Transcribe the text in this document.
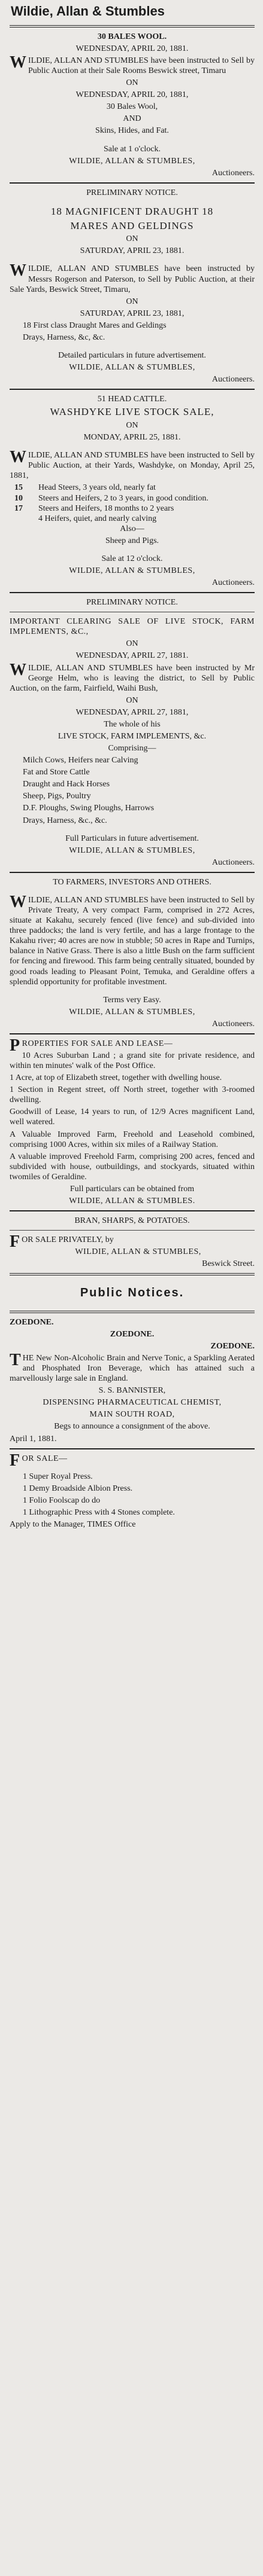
Wildie, Allan & Stumbles

30 BALES WOOL.

WEDNESDAY, APRIL 20, 1881.

WILDIE, ALLAN AND STUMBLES have been instructed to Sell by Public Auction at their Sale Rooms Beswick street, Timaru

ON

WEDNESDAY, APRIL 20, 1881,

30 Bales Wool,

AND

Skins, Hides, and Fat.

Sale at 1 o'clock.

WILDIE, ALLAN & STUMBLES,

Auctioneers.

PRELIMINARY NOTICE.

18 MAGNIFICENT DRAUGHT 18

MARES AND GELDINGS

ON

SATURDAY, APRIL 23, 1881.

WILDIE, ALLAN AND STUMBLES have been instructed by Messrs Rogerson and Paterson, to Sell by Public Auction, at their Sale Yards, Beswick Street, Timaru,

ON

SATURDAY, APRIL 23, 1881,

18 First class Draught Mares and Geldings

Drays, Harness, &c, &c.

Detailed particulars in future advertisement.

WILDIE, ALLAN & STUMBLES,

Auctioneers.

51 HEAD CATTLE.

WASHDYKE LIVE STOCK SALE,

ON

MONDAY, APRIL 25, 1881.

WILDIE, ALLAN AND STUMBLES have been instructed to Sell by Public Auction, at their Yards, Washdyke, on Monday, April 25, 1881,

15	Head Steers, 3 years old, nearly fat
10	Steers and Heifers, 2 to 3 years, in good condition.
17	Steers and Heifers, 18 months to 2 years
4 Heifers, quiet, and nearly calving

Also—

Sheep and Pigs.

Sale at 12 o'clock.

WILDIE, ALLAN & STUMBLES,

Auctioneers.

PRELIMINARY NOTICE.

IMPORTANT CLEARING SALE OF LIVE STOCK, FARM IMPLEMENTS, &C.,

ON

WEDNESDAY, APRIL 27, 1881.

WILDIE, ALLAN AND STUMBLES have been instructed by Mr George Helm, who is leaving the district, to Sell by Public Auction, on the farm, Fairfield, Waihi Bush,

ON

WEDNESDAY, APRIL 27, 1881,

The whole of his

LIVE STOCK, FARM IMPLEMENTS, &c.

Comprising—

Milch Cows, Heifers near Calving

Fat and Store Cattle

Draught and Hack Horses

Sheep, Pigs, Poultry

D.F. Ploughs, Swing Ploughs, Harrows

Drays, Harness, &c., &c.

Full Particulars in future advertisement.

WILDIE, ALLAN & STUMBLES,

Auctioneers.

TO FARMERS, INVESTORS AND OTHERS.

WILDIE, ALLAN AND STUMBLES have been instructed to Sell by Private Treaty, A very compact Farm, comprised in 272 Acres, situate at Kakahu, securely fenced (live fence) and sub-divided into three paddocks; the land is very fertile, and has a large frontage to the Kakahu river; 40 acres are now in stubble; 50 acres in Rape and Turnips, balance in Native Grass. There is also a little Bush on the farm sufficient for fencing and firewood. This farm being centrally situated, bounded by good roads leading to Pleasant Point, Temuka, and Geraldine offers a splendid opportunity for profitable investment.

Terms very Easy.

WILDIE, ALLAN & STUMBLES,

Auctioneers.

PROPERTIES FOR SALE AND LEASE—

10 Acres Suburban Land ; a grand site for private residence, and within ten minutes' walk of the Post Office.

1 Acre, at top of Elizabeth street, together with dwelling house.

1 Section in Regent street, off North street, together with 3-roomed dwelling.

Goodwill of Lease, 14 years to run, of 12/9 Acres magnificent Land, well watered.

A Valuable Improved Farm, Freehold and Leasehold combined, comprising 1000 Acres, within six miles of a Railway Station.

A valuable improved Freehold Farm, comprising 200 acres, fenced and subdivided with house, outbuildings, and stockyards, situated within twomiles of Geraldine.

Full particulars can be obtained from

WILDIE, ALLAN & STUMBLES.

BRAN, SHARPS, & POTATOES.

FOR SALE PRIVATELY, by

WILDIE, ALLAN & STUMBLES,

Beswick Street.

Public Notices.

ZOEDONE.

ZOEDONE.

ZOEDONE.

THE New Non-Alcoholic Brain and Nerve Tonic, a Sparkling Aerated and Phosphated Iron Beverage, which has attained such a marvellously large sale in England.

S. S. BANNISTER,

DISPENSING PHARMACEUTICAL CHEMIST,

MAIN SOUTH ROAD,

Begs to announce a consignment of the above.

April 1, 1881.

FOR SALE—

1 Super Royal Press.

1 Demy Broadside Albion Press.

1 Folio Foolscap do do

1 Lithographic Press with 4 Stones complete.

Apply to the Manager, TIMES Office
